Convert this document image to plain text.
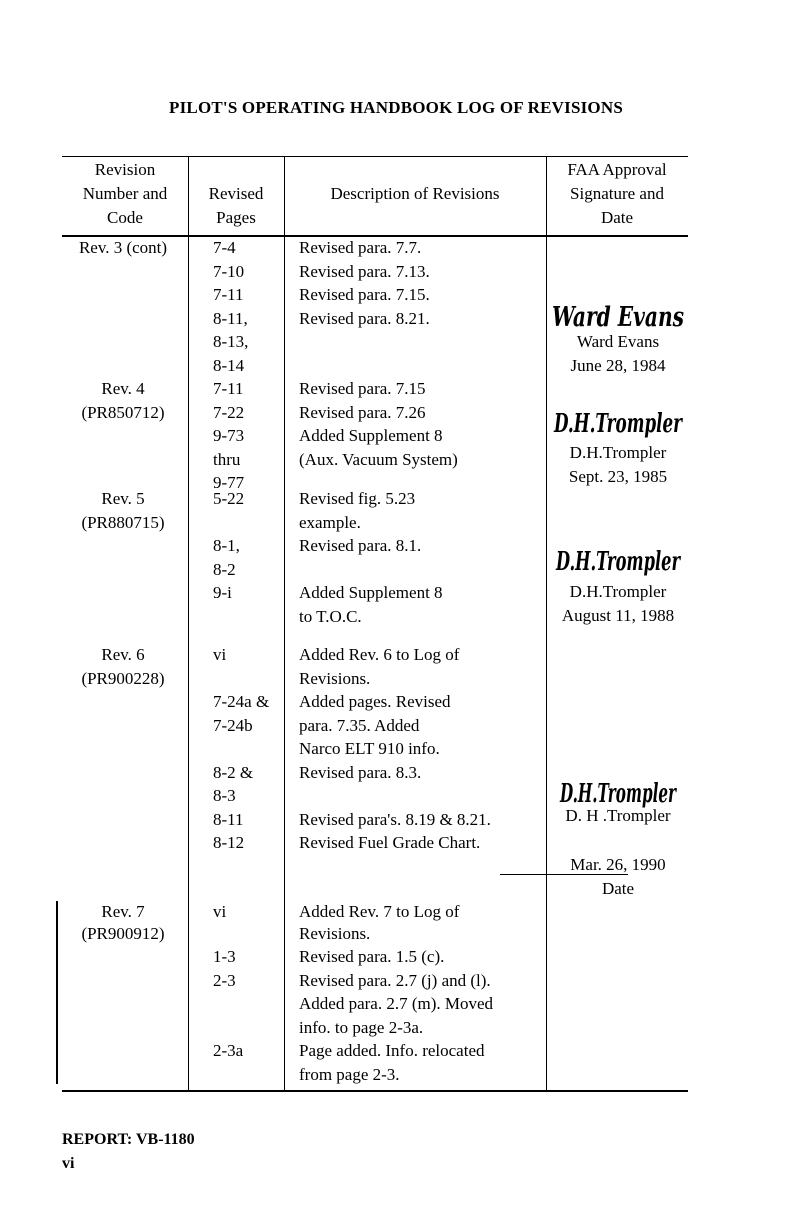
PILOT'S OPERATING HANDBOOK LOG OF REVISIONS
Revision
Number and
Code
Revised
Pages
Description of Revisions
FAA Approval
Signature and
Date
Rev. 3 (cont)	7-4
7-10
7-11
8-11,
8-13,
8-14
Revised para. 7.7.
Revised para. 7.13.
Revised para. 7.15.
Revised para. 8.21.	Ward Evans
Ward Evans
June 28, 1984
Rev. 4
(PR850712)
7-11
7-22
9-73
thru
9-77
Revised para. 7.15
Revised para. 7.26
Added Supplement 8
(Aux. Vacuum System)
D.H.Trompler
D.H.Trompler
Sept. 23, 1985
Rev. 5
(PR880715)
5-22
8-1,
8-2
9-i
Revised fig. 5.23
example.
Revised para. 8.1.
Added Supplement 8
to T.O.C.
D.H.Trompler
D.H.Trompler
August 11, 1988
Rev. 6
(PR900228)
vi
7-24a &
7-24b
8-2 &
8-3
8-11
8-12
Added Rev. 6 to Log of
Revisions.
Added pages. Revised
para. 7.35. Added
Narco ELT 910 info.
Revised para. 8.3.
Revised para's. 8.19 & 8.21.
Revised Fuel Grade Chart.
D.H.Trompler
D. H .Trompler
Mar. 26, 1990
Date
Rev. 7
(PR900912)
vi
1-3
2-3
2-3a
Added Rev. 7 to Log of
Revisions.
Revised para. 1.5 (c).
Revised para. 2.7 (j) and (l).
Added para. 2.7 (m). Moved
info. to page 2-3a.
Page added. Info. relocated
from page 2-3.
REPORT: VB-1180
vi
